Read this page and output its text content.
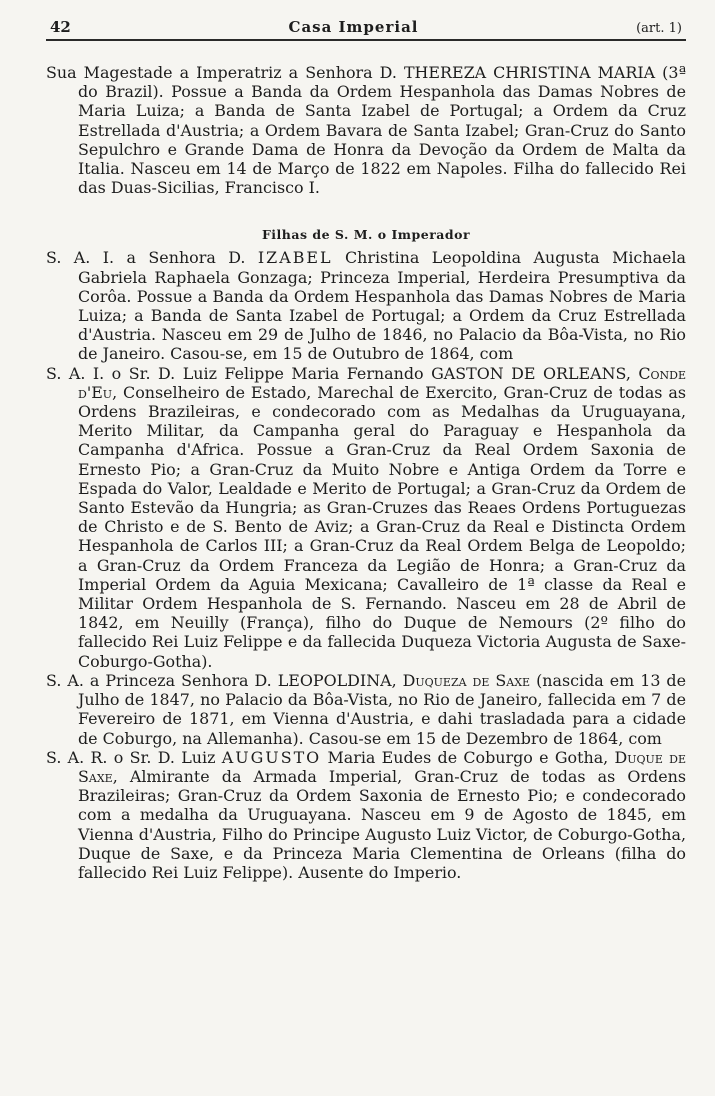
42	Casa Imperial	(art. 1)

Sua Magestade a Imperatriz a Senhora D. THEREZA CHRISTINA MARIA (3ª do Brazil). Possue a Banda da Ordem Hespanhola das Damas Nobres de Maria Luiza; a Banda de Santa Izabel de Portugal; a Ordem da Cruz Estrellada d'Austria; a Ordem Bavara de Santa Izabel; Gran-Cruz do Santo Sepulchro e Grande Dama de Honra da Devoção da Ordem de Malta da Italia. Nasceu em 14 de Março de 1822 em Napoles. Filha do fallecido Rei das Duas-Sicilias, Francisco I.

Filhas de S. M. o Imperador

S. A. I. a Senhora D. IZABEL Christina Leopoldina Augusta Michaela Gabriela Raphaela Gonzaga; Princeza Imperial, Herdeira Presumptiva da Corôa. Possue a Banda da Ordem Hespanhola das Damas Nobres de Maria Luiza; a Banda de Santa Izabel de Portugal; a Ordem da Cruz Estrellada d'Austria. Nasceu em 29 de Julho de 1846, no Palacio da Bôa-Vista, no Rio de Janeiro. Casou-se, em 15 de Outubro de 1864, com

S. A. I. o Sr. D. Luiz Felippe Maria Fernando GASTON DE ORLEANS, Conde d'Eu, Conselheiro de Estado, Marechal de Exercito, Gran-Cruz de todas as Ordens Brazileiras, e condecorado com as Medalhas da Uruguayana, Merito Militar, da Campanha geral do Paraguay e Hespanhola da Campanha d'Africa. Possue a Gran-Cruz da Real Ordem Saxonia de Ernesto Pio; a Gran-Cruz da Muito Nobre e Antiga Ordem da Torre e Espada do Valor, Lealdade e Merito de Portugal; a Gran-Cruz da Ordem de Santo Estevão da Hungria; as Gran-Cruzes das Reaes Ordens Portuguezas de Christo e de S. Bento de Aviz; a Gran-Cruz da Real e Distincta Ordem Hespanhola de Carlos III; a Gran-Cruz da Real Ordem Belga de Leopoldo; a Gran-Cruz da Ordem Franceza da Legião de Honra; a Gran-Cruz da Imperial Ordem da Aguia Mexicana; Cavalleiro de 1ª classe da Real e Militar Ordem Hespanhola de S. Fernando. Nasceu em 28 de Abril de 1842, em Neuilly (França), filho do Duque de Nemours (2º filho do fallecido Rei Luiz Felippe e da fallecida Duqueza Victoria Augusta de Saxe-Coburgo-Gotha).

S. A. a Princeza Senhora D. LEOPOLDINA, Duqueza de Saxe (nascida em 13 de Julho de 1847, no Palacio da Bôa-Vista, no Rio de Janeiro, fallecida em 7 de Fevereiro de 1871, em Vienna d'Austria, e dahi trasladada para a cidade de Coburgo, na Allemanha). Casou-se em 15 de Dezembro de 1864, com

S. A. R. o Sr. D. Luiz AUGUSTO Maria Eudes de Coburgo e Gotha, Duque de Saxe, Almirante da Armada Imperial, Gran-Cruz de todas as Ordens Brazileiras; Gran-Cruz da Ordem Saxonia de Ernesto Pio; e condecorado com a medalha da Uruguayana. Nasceu em 9 de Agosto de 1845, em Vienna d'Austria, Filho do Principe Augusto Luiz Victor, de Coburgo-Gotha, Duque de Saxe, e da Princeza Maria Clementina de Orleans (filha do fallecido Rei Luiz Felippe). Ausente do Imperio.
